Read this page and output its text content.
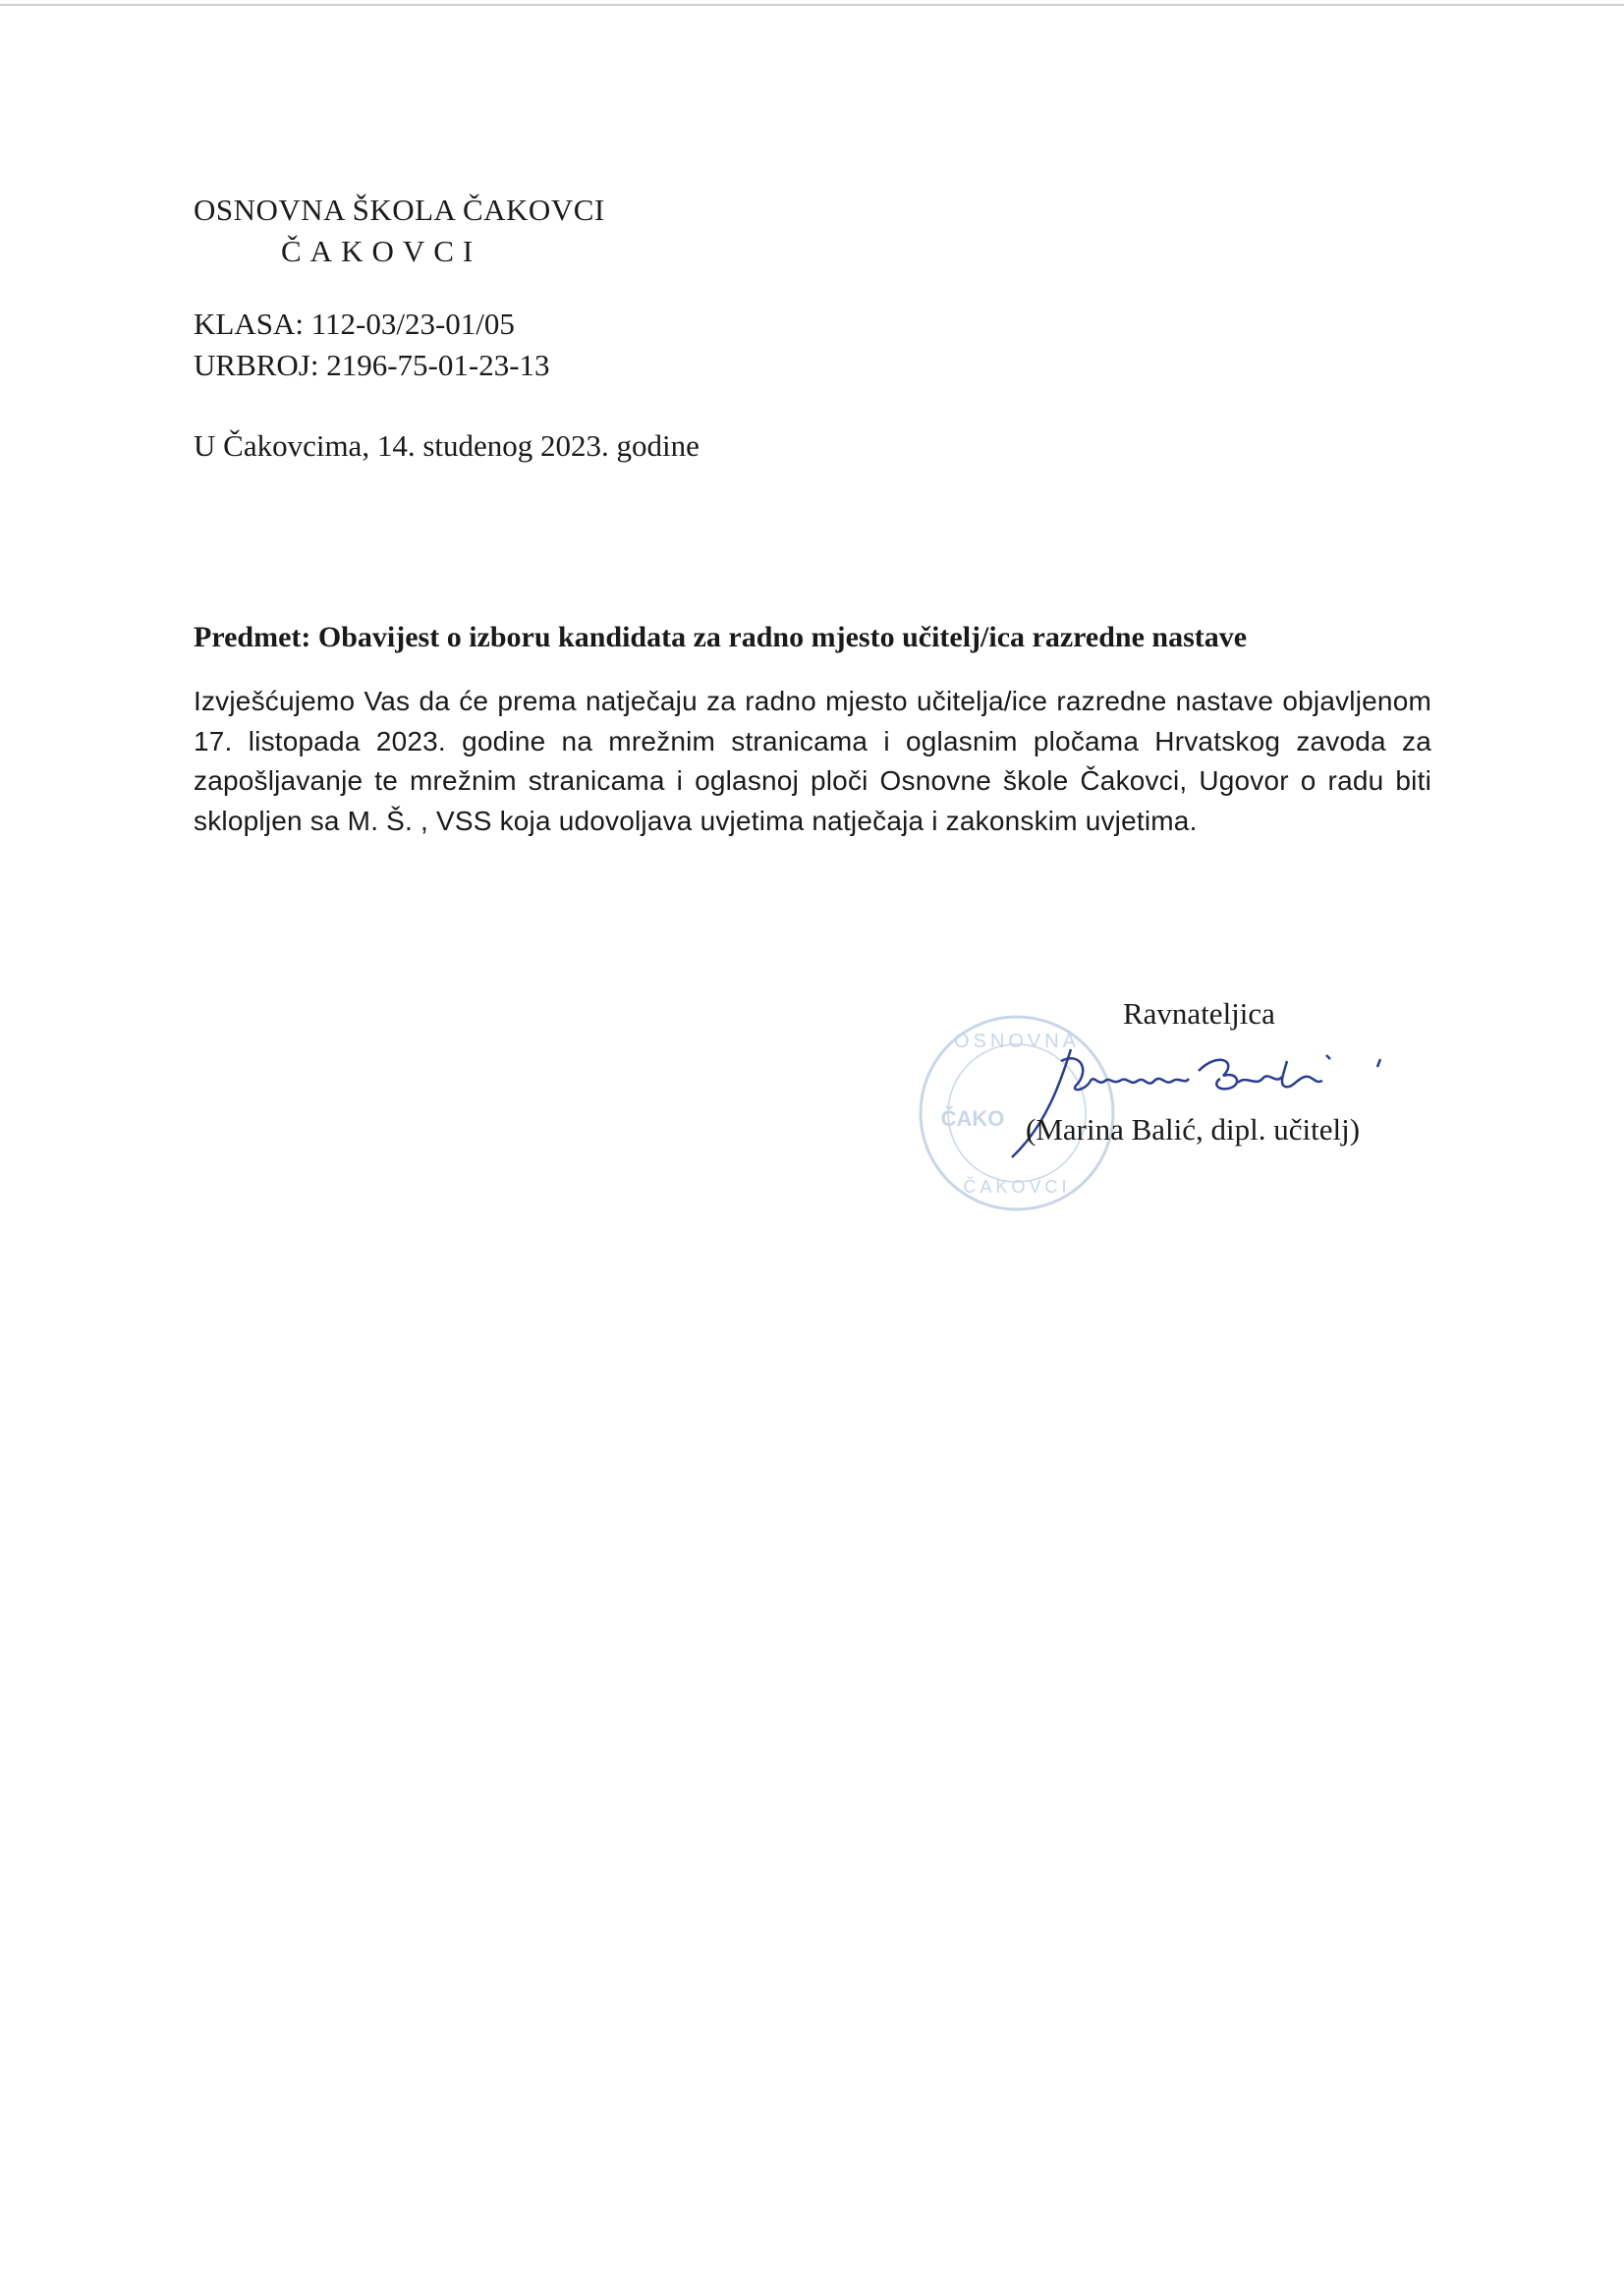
OSNOVNA ŠKOLA ČAKOVCI
ČAKOVCI
KLASA: 112-03/23-01/05
URBROJ: 2196-75-01-23-13
U Čakovcima, 14. studenog 2023. godine
Predmet: Obavijest o izboru kandidata za radno mjesto učitelj/ica razredne nastave
Izvješćujemo Vas da će prema natječaju za radno mjesto učitelja/ice razredne nastave objavljenom 17. listopada 2023. godine na mrežnim stranicama i oglasnim pločama Hrvatskog zavoda za zapošljavanje te mrežnim stranicama i oglasnoj ploči Osnovne škole Čakovci, Ugovor o radu biti sklopljen sa M. Š. , VSS koja udovoljava uvjetima natječaja i zakonskim uvjetima.
Ravnateljica
OSNOVNA
ČAKO
ČAKOVCI
(Marina Balić, dipl. učitelj)
